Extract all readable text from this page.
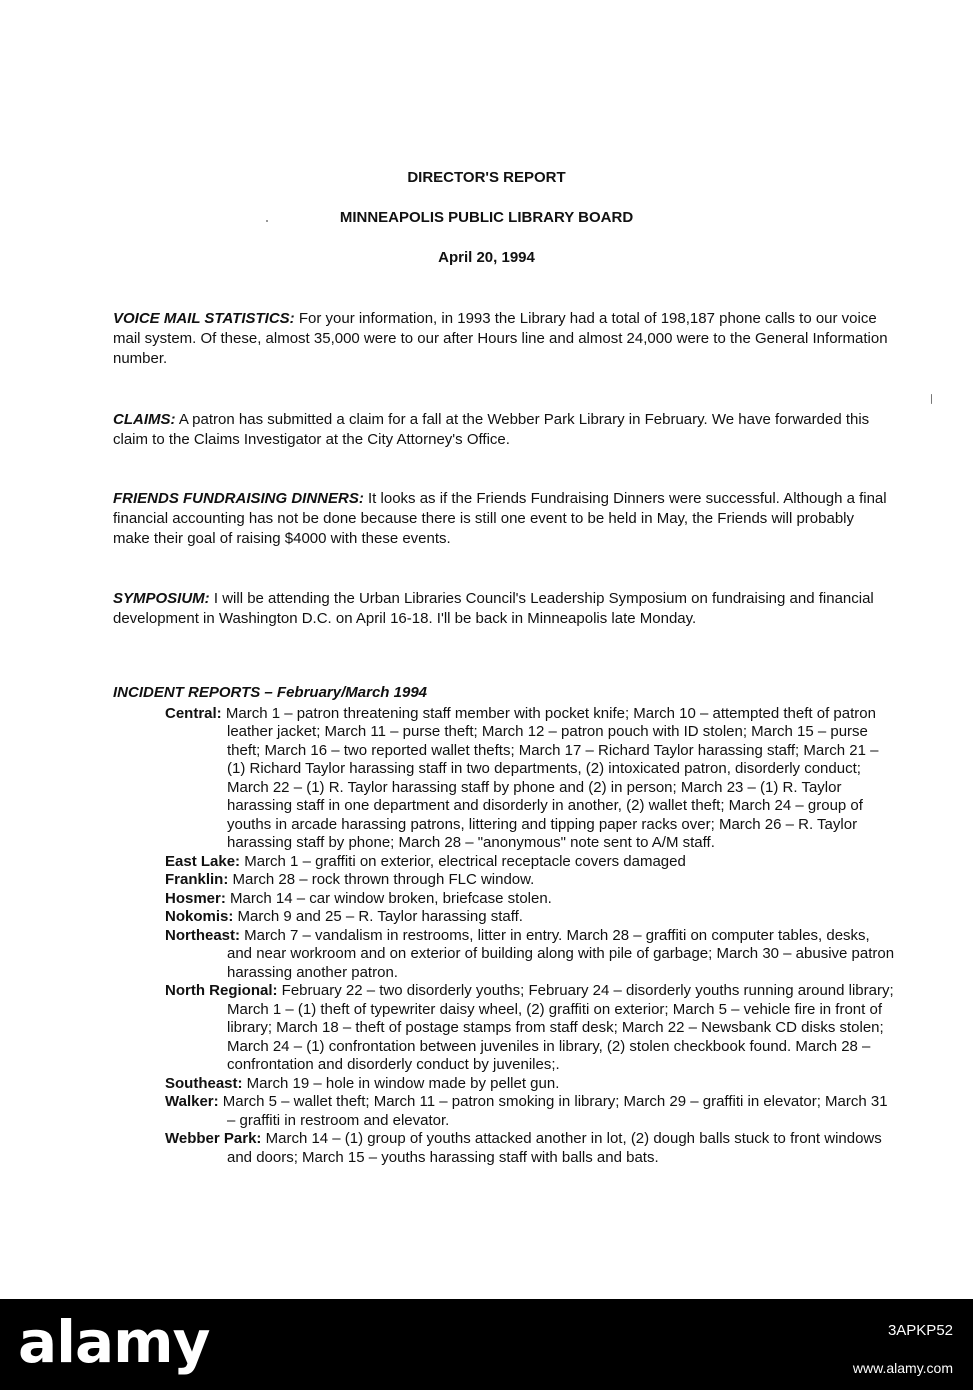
DIRECTOR'S REPORT
MINNEAPOLIS PUBLIC LIBRARY BOARD
April 20, 1994
VOICE MAIL STATISTICS: For your information, in 1993 the Library had a total of 198,187 phone calls to our voice mail system. Of these, almost 35,000 were to our after Hours line and almost 24,000 were to the General Information number.
CLAIMS: A patron has submitted a claim for a fall at the Webber Park Library in February. We have forwarded this claim to the Claims Investigator at the City Attorney's Office.
FRIENDS FUNDRAISING DINNERS: It looks as if the Friends Fundraising Dinners were successful. Although a final financial accounting has not be done because there is still one event to be held in May, the Friends will probably make their goal of raising $4000 with these events.
SYMPOSIUM: I will be attending the Urban Libraries Council's Leadership Symposium on fundraising and financial development in Washington D.C. on April 16-18. I'll be back in Minneapolis late Monday.
INCIDENT REPORTS – February/March 1994
Central: March 1 – patron threatening staff member with pocket knife; March 10 – attempted theft of patron leather jacket; March 11 – purse theft; March 12 – patron pouch with ID stolen; March 15 – purse theft; March 16 – two reported wallet thefts; March 17 – Richard Taylor harassing staff; March 21 – (1) Richard Taylor harassing staff in two departments, (2) intoxicated patron, disorderly conduct; March 22 – (1) R. Taylor harassing staff by phone and (2) in person; March 23 – (1) R. Taylor harassing staff in one department and disorderly in another, (2) wallet theft; March 24 – group of youths in arcade harassing patrons, littering and tipping paper racks over; March 26 – R. Taylor harassing staff by phone; March 28 – "anonymous" note sent to A/M staff.
East Lake: March 1 – graffiti on exterior, electrical receptacle covers damaged
Franklin: March 28 – rock thrown through FLC window.
Hosmer: March 14 – car window broken, briefcase stolen.
Nokomis: March 9 and 25 – R. Taylor harassing staff.
Northeast: March 7 – vandalism in restrooms, litter in entry. March 28 – graffiti on computer tables, desks, and near workroom and on exterior of building along with pile of garbage; March 30 – abusive patron harassing another patron.
North Regional: February 22 – two disorderly youths; February 24 – disorderly youths running around library; March 1 – (1) theft of typewriter daisy wheel, (2) graffiti on exterior; March 5 – vehicle fire in front of library; March 18 – theft of postage stamps from staff desk; March 22 – Newsbank CD disks stolen; March 24 – (1) confrontation between juveniles in library, (2) stolen checkbook found. March 28 – confrontation and disorderly conduct by juveniles;.
Southeast: March 19 – hole in window made by pellet gun.
Walker: March 5 – wallet theft; March 11 – patron smoking in library; March 29 – graffiti in elevator; March 31 – graffiti in restroom and elevator.
Webber Park: March 14 – (1) group of youths attacked another in lot, (2) dough balls stuck to front windows and doors; March 15 – youths harassing staff with balls and bats.
alamy	3APKP52
www.alamy.com
